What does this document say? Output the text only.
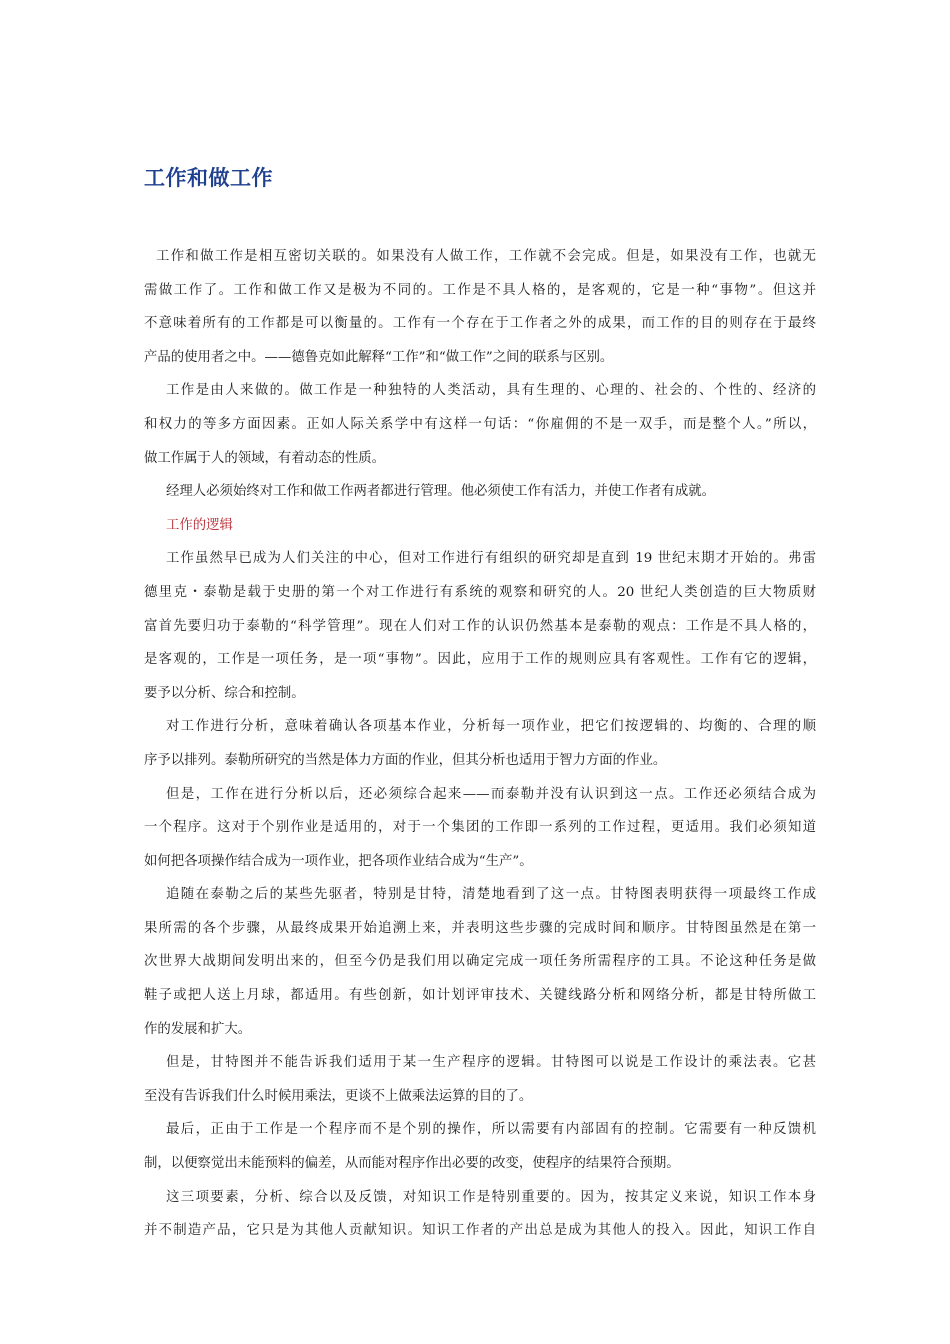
工作和做工作
工作和做工作是相互密切关联的。如果没有人做工作，工作就不会完成。但是，如果没有工作，也就无
需做工作了。工作和做工作又是极为不同的。工作是不具人格的，是客观的，它是一种“事物”。但这并
不意味着所有的工作都是可以衡量的。工作有一个存在于工作者之外的成果，而工作的目的则存在于最终
产品的使用者之中。——德鲁克如此解释“工作”和“做工作”之间的联系与区别。
工作是由人来做的。做工作是一种独特的人类活动，具有生理的、心理的、社会的、个性的、经济的
和权力的等多方面因素。正如人际关系学中有这样一句话：“你雇佣的不是一双手，而是整个人。”所以，
做工作属于人的领域，有着动态的性质。
经理人必须始终对工作和做工作两者都进行管理。他必须使工作有活力，并使工作者有成就。
工作的逻辑
工作虽然早已成为人们关注的中心，但对工作进行有组织的研究却是直到 19 世纪末期才开始的。弗雷
德里克・泰勒是载于史册的第一个对工作进行有系统的观察和研究的人。20 世纪人类创造的巨大物质财
富首先要归功于泰勒的“科学管理”。现在人们对工作的认识仍然基本是泰勒的观点：工作是不具人格的，
是客观的，工作是一项任务，是一项“事物”。因此，应用于工作的规则应具有客观性。工作有它的逻辑，
要予以分析、综合和控制。
对工作进行分析，意味着确认各项基本作业，分析每一项作业，把它们按逻辑的、均衡的、合理的顺
序予以排列。泰勒所研究的当然是体力方面的作业，但其分析也适用于智力方面的作业。
但是，工作在进行分析以后，还必须综合起来——而泰勒并没有认识到这一点。工作还必须结合成为
一个程序。这对于个别作业是适用的，对于一个集团的工作即一系列的工作过程，更适用。我们必须知道
如何把各项操作结合成为一项作业，把各项作业结合成为“生产”。
追随在泰勒之后的某些先驱者，特别是甘特，清楚地看到了这一点。甘特图表明获得一项最终工作成
果所需的各个步骤，从最终成果开始追溯上来，并表明这些步骤的完成时间和顺序。甘特图虽然是在第一
次世界大战期间发明出来的，但至今仍是我们用以确定完成一项任务所需程序的工具。不论这种任务是做
鞋子或把人送上月球，都适用。有些创新，如计划评审技术、关键线路分析和网络分析，都是甘特所做工
作的发展和扩大。
但是，甘特图并不能告诉我们适用于某一生产程序的逻辑。甘特图可以说是工作设计的乘法表。它甚
至没有告诉我们什么时候用乘法，更谈不上做乘法运算的目的了。
最后，正由于工作是一个程序而不是个别的操作，所以需要有内部固有的控制。它需要有一种反馈机
制，以便察觉出未能预料的偏差，从而能对程序作出必要的改变，使程序的结果符合预期。
这三项要素，分析、综合以及反馈，对知识工作是特别重要的。因为，按其定义来说，知识工作本身
并不制造产品，它只是为其他人贡献知识。知识工作者的产出总是成为其他人的投入。因此，知识工作自
